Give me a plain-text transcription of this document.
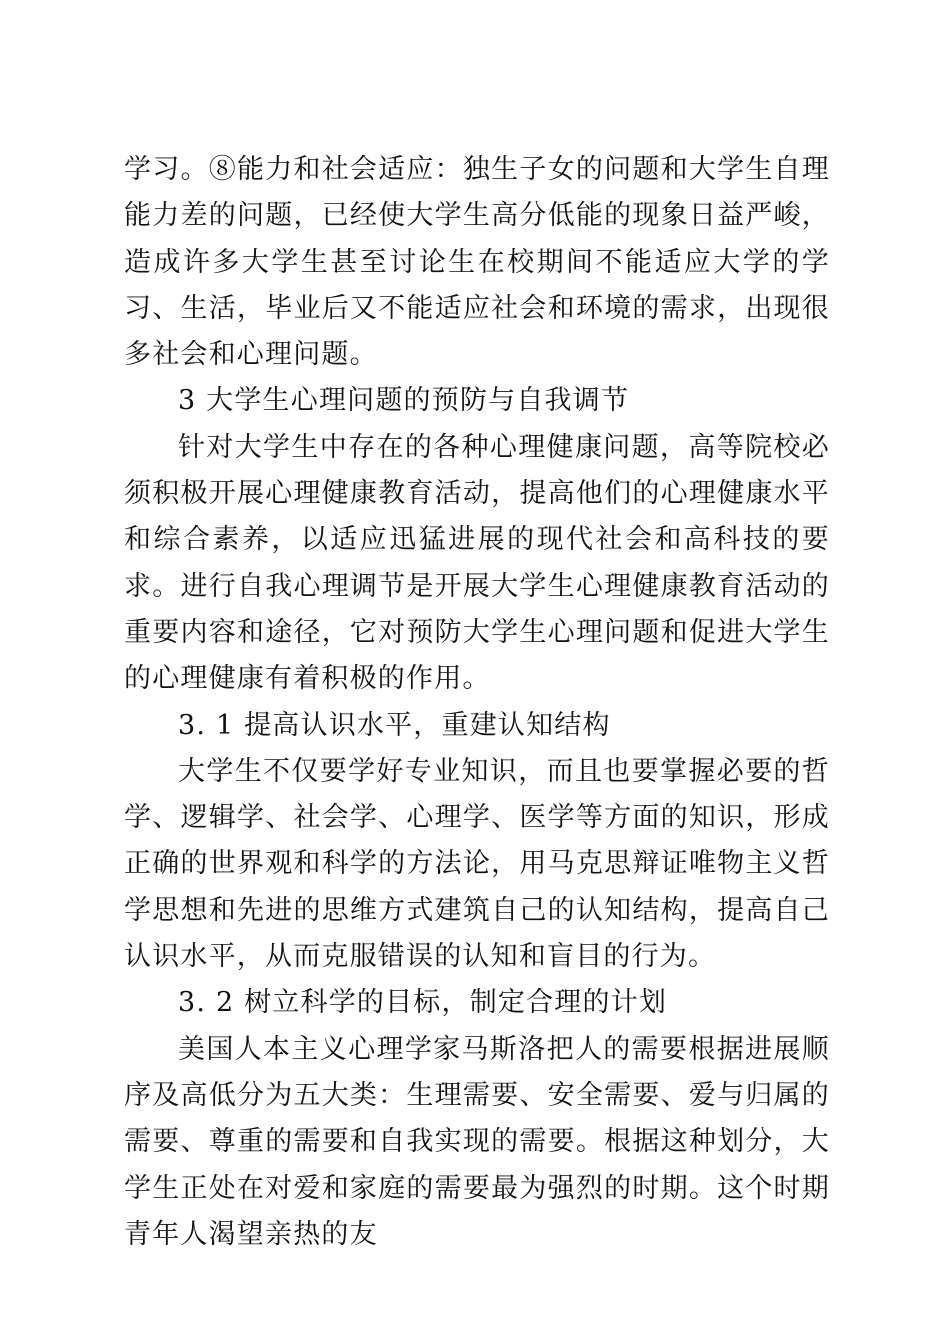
学习。⑧能力和社会适应：独生子女的问题和大学生自理能力差的问题，已经使大学生高分低能的现象日益严峻，造成许多大学生甚至讨论生在校期间不能适应大学的学习、生活，毕业后又不能适应社会和环境的需求，出现很多社会和心理问题。

3 大学生心理问题的预防与自我调节

针对大学生中存在的各种心理健康问题，高等院校必须积极开展心理健康教育活动，提高他们的心理健康水平和综合素养，以适应迅猛进展的现代社会和高科技的要求。进行自我心理调节是开展大学生心理健康教育活动的重要内容和途径，它对预防大学生心理问题和促进大学生的心理健康有着积极的作用。

3. 1 提高认识水平，重建认知结构

大学生不仅要学好专业知识，而且也要掌握必要的哲学、逻辑学、社会学、心理学、医学等方面的知识，形成正确的世界观和科学的方法论，用马克思辩证唯物主义哲学思想和先进的思维方式建筑自己的认知结构，提高自己认识水平，从而克服错误的认知和盲目的行为。

3. 2 树立科学的目标，制定合理的计划

美国人本主义心理学家马斯洛把人的需要根据进展顺序及高低分为五大类：生理需要、安全需要、爱与归属的需要、尊重的需要和自我实现的需要。根据这种划分，大学生正处在对爱和家庭的需要最为强烈的时期。这个时期青年人渴望亲热的友
